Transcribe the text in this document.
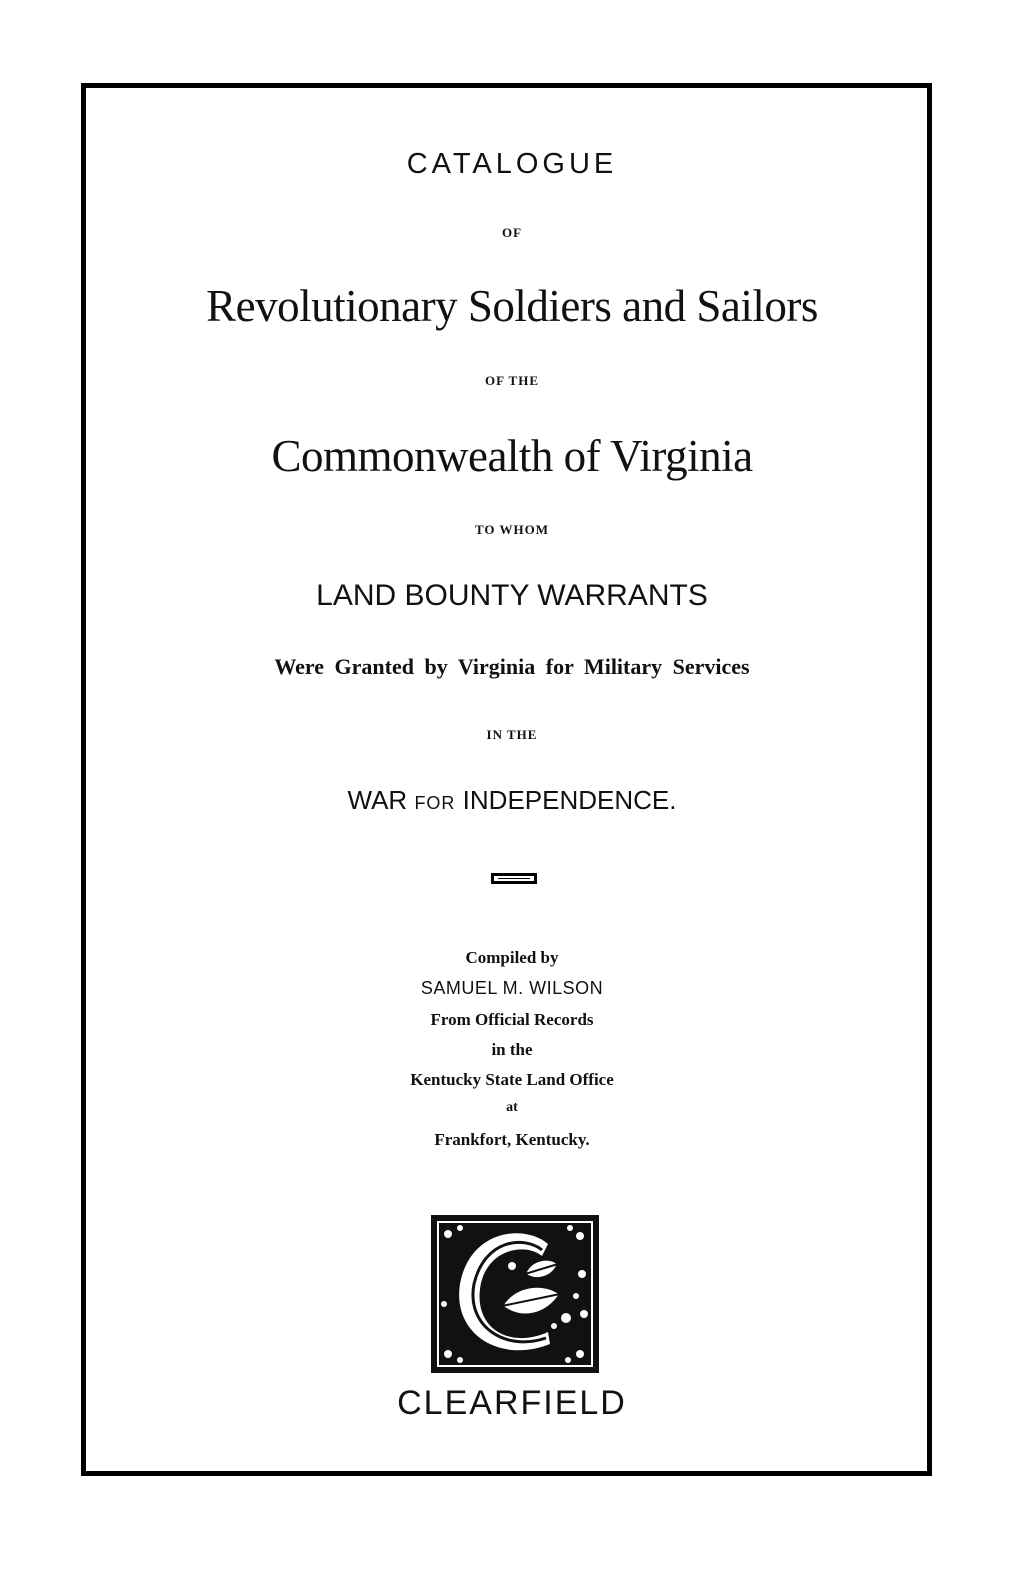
CATALOGUE
OF
Revolutionary Soldiers and Sailors
OF THE
Commonwealth of Virginia
TO WHOM
LAND BOUNTY WARRANTS
Were Granted by Virginia for Military Services
IN THE
WAR FOR INDEPENDENCE.
Compiled by
SAMUEL M. WILSON
From Official Records
in the
Kentucky State Land Office
at
Frankfort, Kentucky.
CLEARFIELD
